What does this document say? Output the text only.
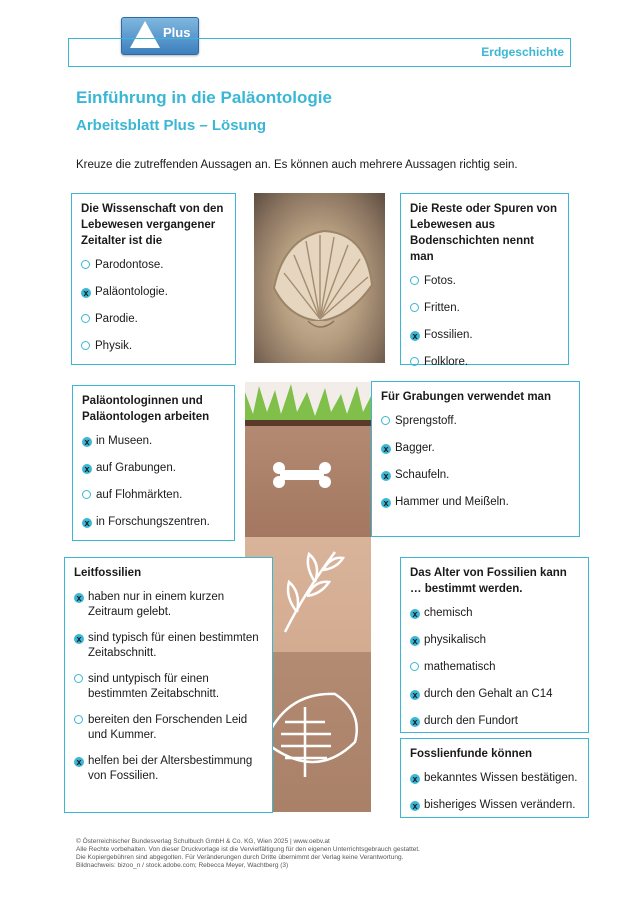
Plus
Erdgeschichte
Einführung in die Paläontologie
Arbeitsblatt Plus – Lösung
Kreuze die zutreffenden Aussagen an. Es können auch mehrere Aussagen richtig sein.
Die Wissenschaft von den Lebewesen vergangener Zeitalter ist die
Parodontose.
x Paläontologie.
Parodie.
Physik.
Die Reste oder Spuren von Lebewesen aus Bodenschichten nennt man
Fotos.
Fritten.
x Fossilien.
Folklore.
Paläontologinnen und Paläontologen arbeiten
x in Museen.
x auf Grabungen.
auf Flohmärkten.
x in Forschungszentren.
Für Grabungen verwendet man
Sprengstoff.
x Bagger.
x Schaufeln.
x Hammer und Meißeln.
Leitfossilien
x haben nur in einem kurzen Zeitraum gelebt.
x sind typisch für einen bestimmten Zeitabschnitt.
sind untypisch für einen bestimmten Zeitabschnitt.
bereiten den Forschenden Leid und Kummer.
x helfen bei der Altersbestimmung von Fossilien.
Das Alter von Fossilien kann … bestimmt werden.
x chemisch
x physikalisch
mathematisch
x durch den Gehalt an C14
x durch den Fundort
Fosslienfunde können
x bekanntes Wissen bestätigen.
x bisheriges Wissen verändern.
© Österreichischer Bundesverlag Schulbuch GmbH & Co. KG, Wien 2025 | www.oebv.at
Alle Rechte vorbehalten. Von dieser Druckvorlage ist die Vervielfältigung für den eigenen Unterrichtsgebrauch gestattet.
Die Kopiergebühren sind abgegolten. Für Veränderungen durch Dritte übernimmt der Verlag keine Verantwortung.
Bildnachweis: bizoo_n / stock.adobe.com; Rebecca Meyer, Wachtberg (3)
